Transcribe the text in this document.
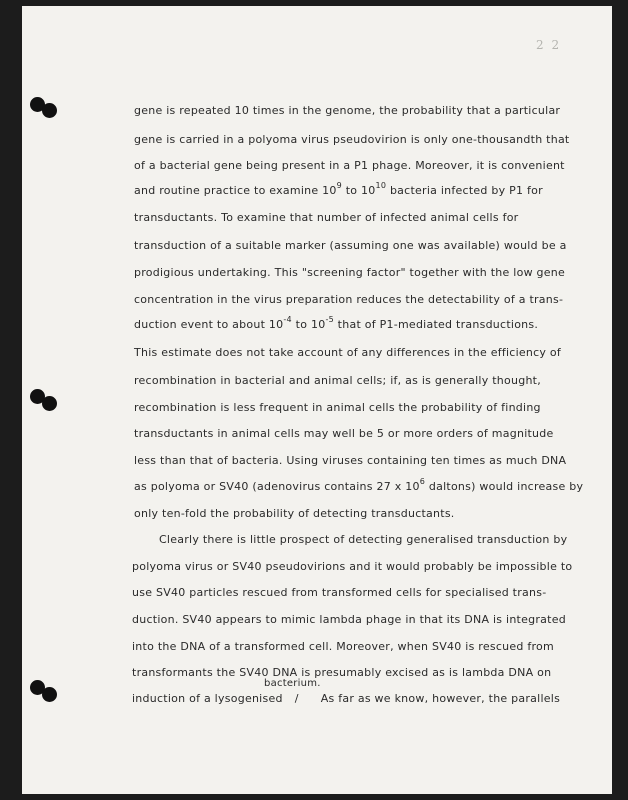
2 2
gene is repeated 10 times in the genome, the probability that a particular
gene is carried in a polyoma virus pseudovirion is only one-thousandth that
of a bacterial gene being present in a P1 phage. Moreover, it is convenient
and routine practice to examine $10^9$ to $10^{10}$ bacteria infected by P1 for
transductants. To examine that number of infected animal cells for
transduction of a suitable marker (assuming one was available) would be a
prodigious undertaking. This "screening factor" together with the low gene
concentration in the virus preparation reduces the detectability of a trans-
duction event to about $10^{-4}$ to $10^{-5}$ that of P1-mediated transductions.
This estimate does not take account of any differences in the efficiency of
recombination in bacterial and animal cells; if, as is generally thought,
recombination is less frequent in animal cells the probability of finding
transductants in animal cells may well be 5 or more orders of magnitude
less than that of bacteria. Using viruses containing ten times as much DNA
as polyoma or SV40 (adenovirus contains 27 x $10^6$ daltons) would increase by
only ten-fold the probability of detecting transductants.
Clearly there is little prospect of detecting generalised transduction by
polyoma virus or SV40 pseudovirions and it would probably be impossible to
use SV40 particles rescued from transformed cells for specialised trans-
duction. SV40 appears to mimic lambda phage in that its DNA is integrated
into the DNA of a transformed cell. Moreover, when SV40 is rescued from
transformants the SV40 DNA is presumably excised as is lambda DNA on
bacterium.
induction of a lysogenised / As far as we know, however, the parallels
